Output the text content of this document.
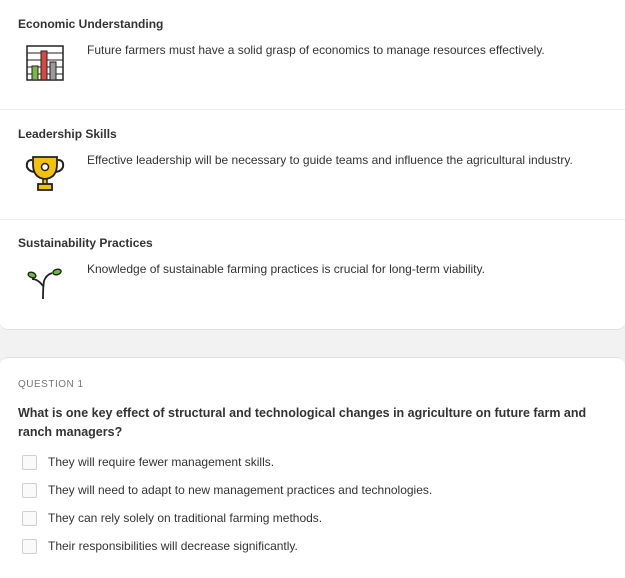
Economic Understanding
Future farmers must have a solid grasp of economics to manage resources effectively.
Leadership Skills
Effective leadership will be necessary to guide teams and influence the agricultural industry.
Sustainability Practices
Knowledge of sustainable farming practices is crucial for long-term viability.
QUESTION 1
What is one key effect of structural and technological changes in agriculture on future farm and ranch managers?
They will require fewer management skills.
They will need to adapt to new management practices and technologies.
They can rely solely on traditional farming methods.
Their responsibilities will decrease significantly.
